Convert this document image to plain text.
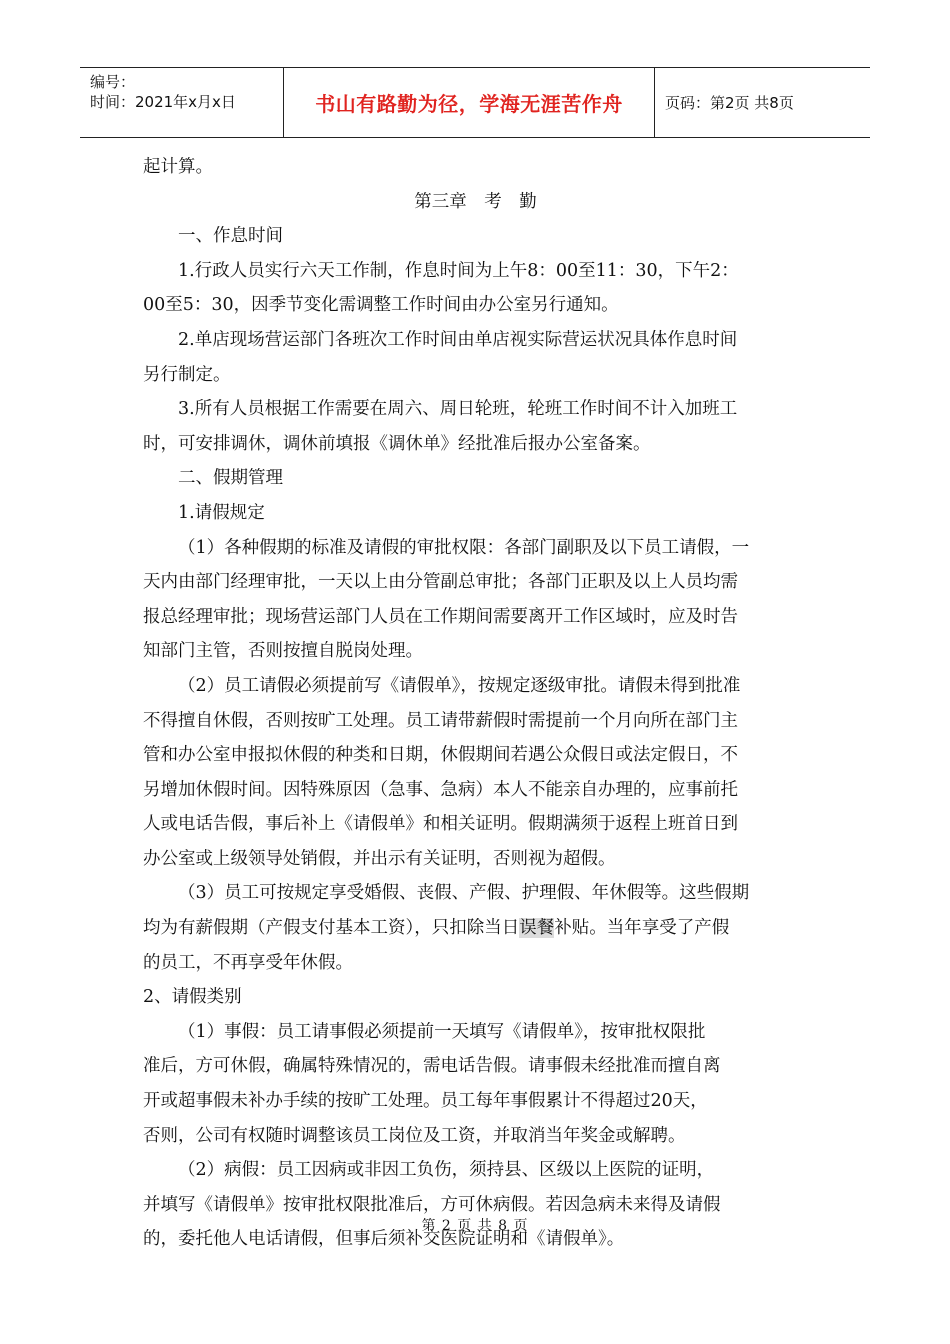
编号：
时间：2021年x月x日	书山有路勤为径，学海无涯苦作舟	页码：第2页 共8页
起计算。
第三章　考　勤
一、作息时间
1.行政人员实行六天工作制，作息时间为上午8：00至11：30，下午2：
00至5：30，因季节变化需调整工作时间由办公室另行通知。
2.单店现场营运部门各班次工作时间由单店视实际营运状况具体作息时间
另行制定。
3.所有人员根据工作需要在周六、周日轮班，轮班工作时间不计入加班工
时，可安排调休，调休前填报《调休单》经批准后报办公室备案。
二、假期管理
1.请假规定
（1）各种假期的标准及请假的审批权限：各部门副职及以下员工请假，一
天内由部门经理审批，一天以上由分管副总审批；各部门正职及以上人员均需
报总经理审批；现场营运部门人员在工作期间需要离开工作区域时，应及时告
知部门主管，否则按擅自脱岗处理。
（2）员工请假必须提前写《请假单》，按规定逐级审批。请假未得到批准
不得擅自休假，否则按旷工处理。员工请带薪假时需提前一个月向所在部门主
管和办公室申报拟休假的种类和日期，休假期间若遇公众假日或法定假日，不
另增加休假时间。因特殊原因（急事、急病）本人不能亲自办理的，应事前托
人或电话告假，事后补上《请假单》和相关证明。假期满须于返程上班首日到
办公室或上级领导处销假，并出示有关证明，否则视为超假。
（3）员工可按规定享受婚假、丧假、产假、护理假、年休假等。这些假期
均为有薪假期（产假支付基本工资），只扣除当日误餐补贴。当年享受了产假
的员工，不再享受年休假。
2、请假类别
（1）事假：员工请事假必须提前一天填写《请假单》，按审批权限批
准后，方可休假，确属特殊情况的，需电话告假。请事假未经批准而擅自离
开或超事假未补办手续的按旷工处理。员工每年事假累计不得超过20天，
否则，公司有权随时调整该员工岗位及工资，并取消当年奖金或解聘。
（2）病假：员工因病或非因工负伤，须持县、区级以上医院的证明，
并填写《请假单》按审批权限批准后，方可休病假。若因急病未来得及请假
的，委托他人电话请假，但事后须补交医院证明和《请假单》。
第 2 页 共 8 页
